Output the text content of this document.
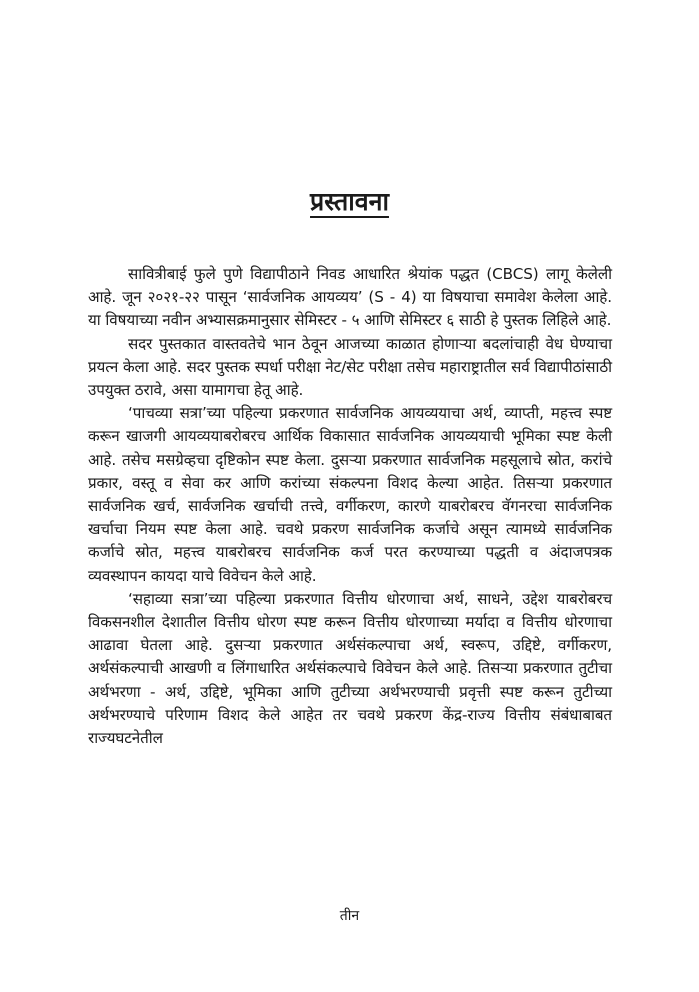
प्रस्तावना

सावित्रीबाई फुले पुणे विद्यापीठाने निवड आधारित श्रेयांक पद्धत (CBCS) लागू केलेली आहे. जून २०२१-२२ पासून ‘सार्वजनिक आयव्यय’ (S - 4) या विषयाचा समावेश केलेला आहे. या विषयाच्या नवीन अभ्यासक्रमानुसार सेमिस्टर - ५ आणि सेमिस्टर ६ साठी हे पुस्तक लिहिले आहे.

सदर पुस्तकात वास्तवतेचे भान ठेवून आजच्या काळात होणाऱ्या बदलांचाही वेध घेण्याचा प्रयत्न केला आहे. सदर पुस्तक स्पर्धा परीक्षा नेट/सेट परीक्षा तसेच महाराष्ट्रातील सर्व विद्यापीठांसाठी उपयुक्त ठरावे, असा यामागचा हेतू आहे.

‘पाचव्या सत्रा’च्या पहिल्या प्रकरणात सार्वजनिक आयव्ययाचा अर्थ, व्याप्ती, महत्त्व स्पष्ट करून खाजगी आयव्ययाबरोबरच आर्थिक विकासात सार्वजनिक आयव्ययाची भूमिका स्पष्ट केली आहे. तसेच मसग्रेव्हचा दृष्टिकोन स्पष्ट केला. दुसऱ्या प्रकरणात सार्वजनिक महसूलाचे स्रोत, करांचे प्रकार, वस्तू व सेवा कर आणि करांच्या संकल्पना विशद केल्या आहेत. तिसऱ्या प्रकरणात सार्वजनिक खर्च, सार्वजनिक खर्चाची तत्त्वे, वर्गीकरण, कारणे याबरोबरच वॅगनरचा सार्वजनिक खर्चाचा नियम स्पष्ट केला आहे. चवथे प्रकरण सार्वजनिक कर्जाचे असून त्यामध्ये सार्वजनिक कर्जाचे स्रोत, महत्त्व याबरोबरच सार्वजनिक कर्ज परत करण्याच्या पद्धती व अंदाजपत्रक व्यवस्थापन कायदा याचे विवेचन केले आहे.

‘सहाव्या सत्रा’च्या पहिल्या प्रकरणात वित्तीय धोरणाचा अर्थ, साधने, उद्देश याबरोबरच विकसनशील देशातील वित्तीय धोरण स्पष्ट करून वित्तीय धोरणाच्या मर्यादा व वित्तीय धोरणाचा आढावा घेतला आहे. दुसऱ्या प्रकरणात अर्थसंकल्पाचा अर्थ, स्वरूप, उद्दिष्टे, वर्गीकरण, अर्थसंकल्पाची आखणी व लिंगाधारित अर्थसंकल्पाचे विवेचन केले आहे. तिसऱ्या प्रकरणात तुटीचा अर्थभरणा - अर्थ, उद्दिष्टे, भूमिका आणि तुटीच्या अर्थभरण्याची प्रवृत्ती स्पष्ट करून तुटीच्या अर्थभरण्याचे परिणाम विशद केले आहेत तर चवथे प्रकरण केंद्र-राज्य वित्तीय संबंधाबाबत राज्यघटनेतील

तीन
